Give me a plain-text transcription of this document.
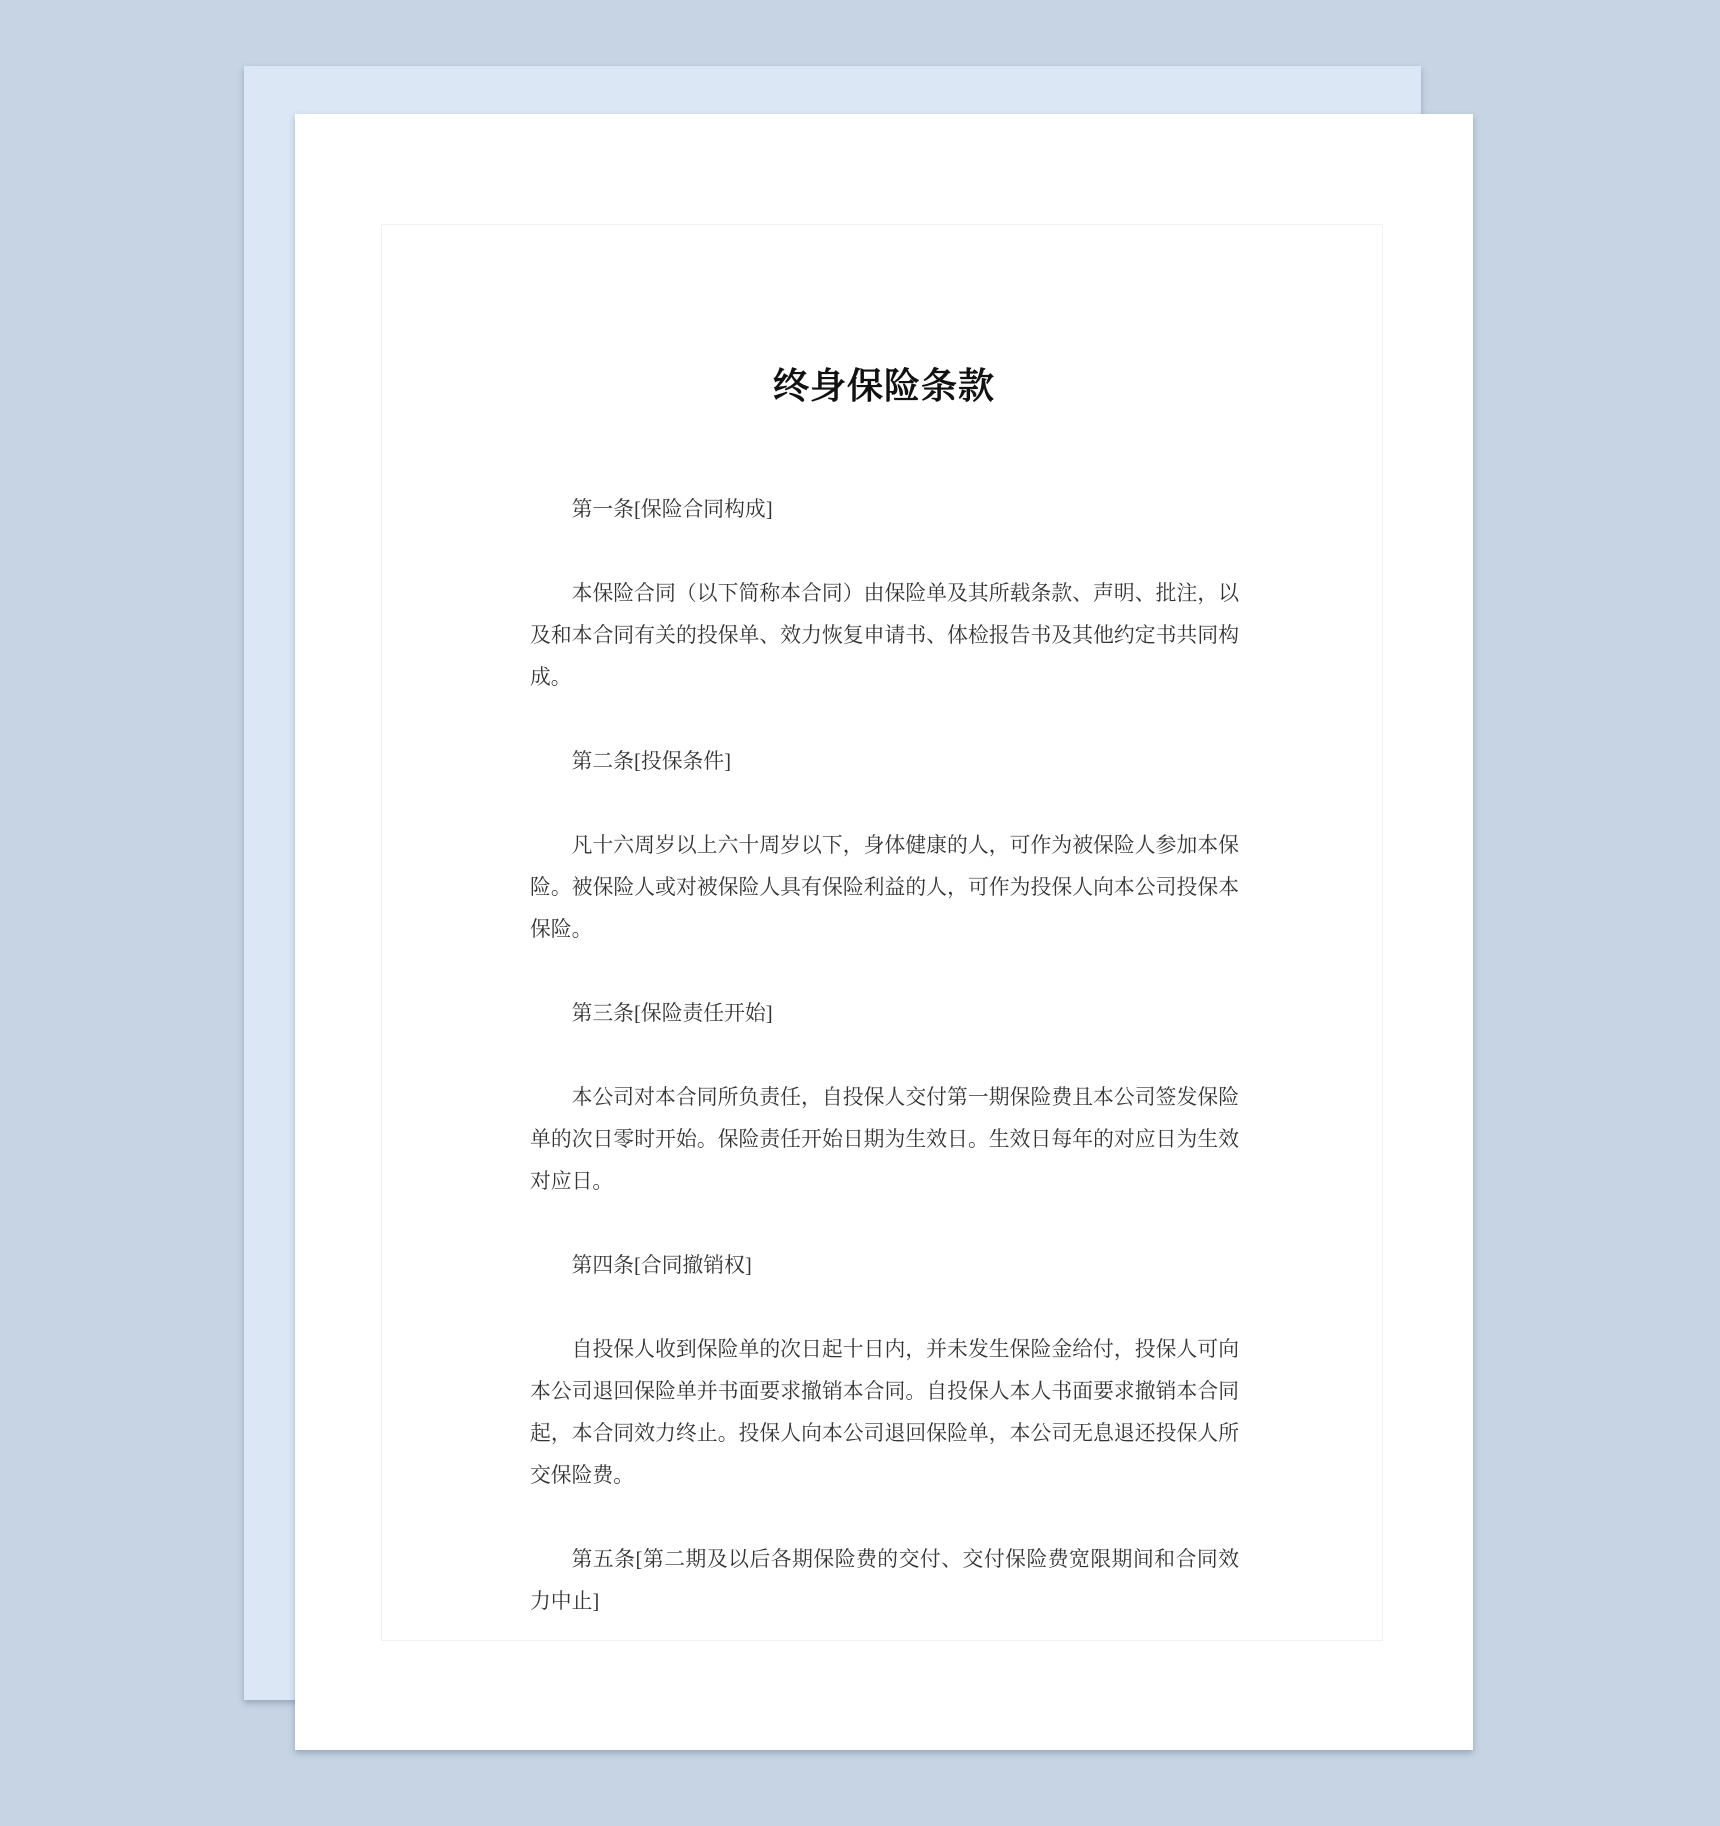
终身保险条款

第一条[保险合同构成]

本保险合同（以下简称本合同）由保险单及其所载条款、声明、批注，以及和本合同有关的投保单、效力恢复申请书、体检报告书及其他约定书共同构成。

第二条[投保条件]

凡十六周岁以上六十周岁以下，身体健康的人，可作为被保险人参加本保险。被保险人或对被保险人具有保险利益的人，可作为投保人向本公司投保本保险。

第三条[保险责任开始]

本公司对本合同所负责任，自投保人交付第一期保险费且本公司签发保险单的次日零时开始。保险责任开始日期为生效日。生效日每年的对应日为生效对应日。

第四条[合同撤销权]

自投保人收到保险单的次日起十日内，并未发生保险金给付，投保人可向本公司退回保险单并书面要求撤销本合同。自投保人本人书面要求撤销本合同起，本合同效力终止。投保人向本公司退回保险单，本公司无息退还投保人所交保险费。

第五条[第二期及以后各期保险费的交付、交付保险费宽限期间和合同效力中止]
